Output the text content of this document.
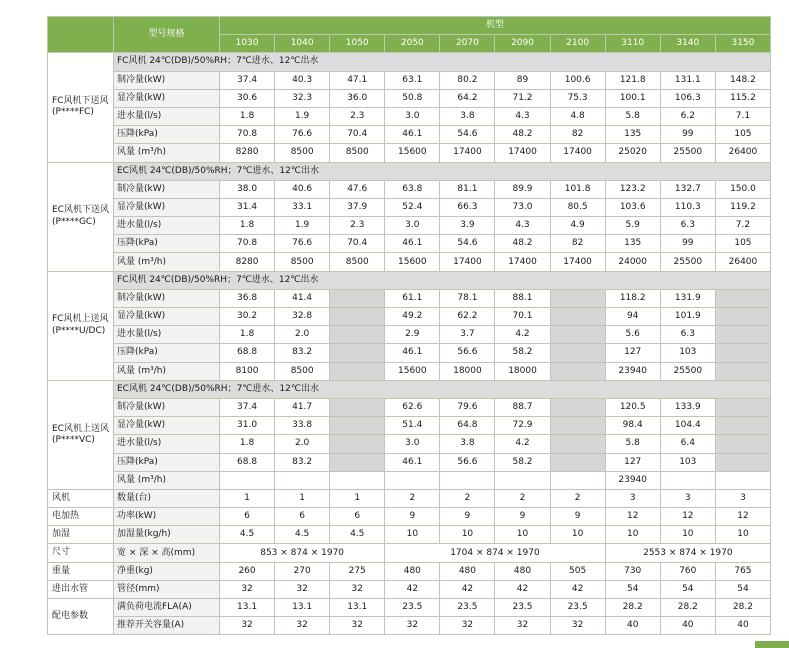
	型号规格	机型									
		1030	1040	1050	2050	2070	2090	2100	3110	3140	3150
FC风机下送风
(P****FC)	FC风机 24℃(DB)/50%RH；7℃进水、12℃出水										
	制冷量(kW)	37.4	40.3	47.1	63.1	80.2	89	100.6	121.8	131.1	148.2
	显冷量(kW)	30.6	32.3	36.0	50.8	64.2	71.2	75.3	100.1	106.3	115.2
	进水量(l/s)	1.8	1.9	2.3	3.0	3.8	4.3	4.8	5.8	6.2	7.1
	压降(kPa)	70.8	76.6	70.4	46.1	54.6	48.2	82	135	99	105
	风量 (m³/h)	8280	8500	8500	15600	17400	17400	17400	25020	25500	26400
EC风机下送风
(P****GC)	EC风机 24℃(DB)/50%RH；7℃进水、12℃出水										
	制冷量(kW)	38.0	40.6	47.6	63.8	81.1	89.9	101.8	123.2	132.7	150.0
	显冷量(kW)	31.4	33.1	37.9	52.4	66.3	73.0	80.5	103.6	110.3	119.2
	进水量(l/s)	1.8	1.9	2.3	3.0	3.9	4.3	4.9	5.9	6.3	7.2
	压降(kPa)	70.8	76.6	70.4	46.1	54.6	48.2	82	135	99	105
	风量 (m³/h)	8280	8500	8500	15600	17400	17400	17400	24000	25500	26400
FC风机上送风
(P****U/DC)	FC风机 24℃(DB)/50%RH；7℃进水、12℃出水										
	制冷量(kW)	36.8	41.4		61.1	78.1	88.1		118.2	131.9	
	显冷量(kW)	30.2	32.8		49.2	62.2	70.1		94	101.9	
	进水量(l/s)	1.8	2.0		2.9	3.7	4.2		5.6	6.3	
	压降(kPa)	68.8	83.2		46.1	56.6	58.2		127	103	
	风量 (m³/h)	8100	8500		15600	18000	18000		23940	25500	
EC风机上送风
(P****VC)	EC风机 24℃(DB)/50%RH；7℃进水、12℃出水										
	制冷量(kW)	37.4	41.7		62.6	79.6	88.7		120.5	133.9	
	显冷量(kW)	31.0	33.8		51.4	64.8	72.9		98.4	104.4	
	进水量(l/s)	1.8	2.0		3.0	3.8	4.2		5.8	6.4	
	压降(kPa)	68.8	83.2		46.1	56.6	58.2		127	103	
	风量 (m³/h)								23940		
风机	数量(台)	1	1	1	2	2	2	2	3	3	3
电加热	功率(kW)	6	6	6	9	9	9	9	12	12	12
加湿	加湿量(kg/h)	4.5	4.5	4.5	10	10	10	10	10	10	10
尺寸	宽 × 深 × 高(mm)	853 × 874 × 1970			1704 × 874 × 1970				2553 × 874 × 1970		
重量	净重(kg)	260	270	275	480	480	480	505	730	760	765
进出水管	管径(mm)	32	32	32	42	42	42	42	54	54	54
配电参数	满负荷电流FLA(A)	13.1	13.1	13.1	23.5	23.5	23.5	23.5	28.2	28.2	28.2
	推荐开关容量(A)	32	32	32	32	32	32	32	40	40	40
